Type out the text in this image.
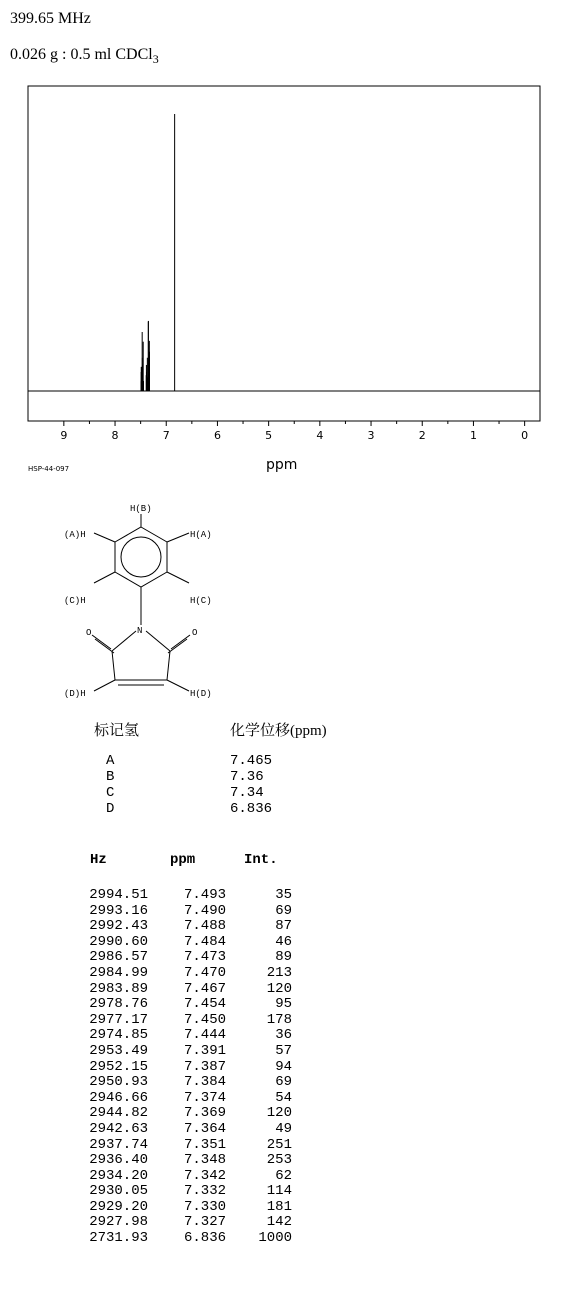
399.65 MHz
0.026 g : 0.5 ml CDCl$_3$
9	8	7	6	5	4	3	2	1	0
HSP-44-097	ppm
H(B)
(A)H	H(A)
(C)H	H(C)
N
O	O
(D)H	H(D)
标记氢	化学位移(ppm)
A	7.465
B	7.36
C	7.34
D	6.836
Hz	ppm	Int.
2994.51	7.493	35
2993.16	7.490	69
2992.43	7.488	87
2990.60	7.484	46
2986.57	7.473	89
2984.99	7.470	213
2983.89	7.467	120
2978.76	7.454	95
2977.17	7.450	178
2974.85	7.444	36
2953.49	7.391	57
2952.15	7.387	94
2950.93	7.384	69
2946.66	7.374	54
2944.82	7.369	120
2942.63	7.364	49
2937.74	7.351	251
2936.40	7.348	253
2934.20	7.342	62
2930.05	7.332	114
2929.20	7.330	181
2927.98	7.327	142
2731.93	6.836	1000
